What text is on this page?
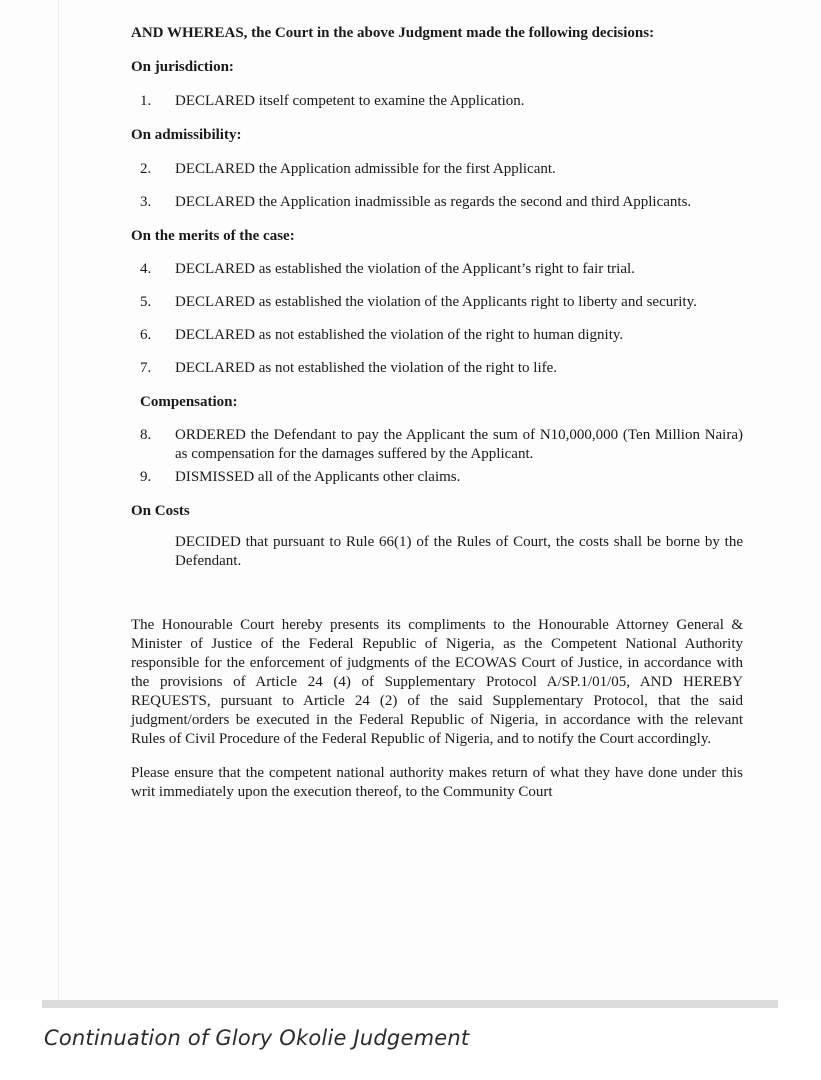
AND WHEREAS, the Court in the above Judgment made the following decisions:

On jurisdiction:

1.	DECLARED itself competent to examine the Application.

On admissibility:

2.	DECLARED the Application admissible for the first Applicant.
3.	DECLARED the Application inadmissible as regards the second and third Applicants.

On the merits of the case:

4.	DECLARED as established the violation of the Applicant’s right to fair trial.
5.	DECLARED as established the violation of the Applicants right to liberty and security.
6.	DECLARED as not established the violation of the right to human dignity.
7.	DECLARED as not established the violation of the right to life.

Compensation:

8.	ORDERED the Defendant to pay the Applicant the sum of N10,000,000 (Ten Million Naira) as compensation for the damages suffered by the Applicant.
9.	DISMISSED all of the Applicants other claims.

On Costs

DECIDED that pursuant to Rule 66(1) of the Rules of Court, the costs shall be borne by the Defendant.

The Honourable Court hereby presents its compliments to the Honourable Attorney General & Minister of Justice of the Federal Republic of Nigeria, as the Competent National Authority responsible for the enforcement of judgments of the ECOWAS Court of Justice, in accordance with the provisions of Article 24 (4) of Supplementary Protocol A/SP.1/01/05, AND HEREBY REQUESTS, pursuant to Article 24 (2) of the said Supplementary Protocol, that the said judgment/orders be executed in the Federal Republic of Nigeria, in accordance with the relevant Rules of Civil Procedure of the Federal Republic of Nigeria, and to notify the Court accordingly.

Please ensure that the competent national authority makes return of what they have done under this writ immediately upon the execution thereof, to the Community Court

Continuation of Glory Okolie Judgement
